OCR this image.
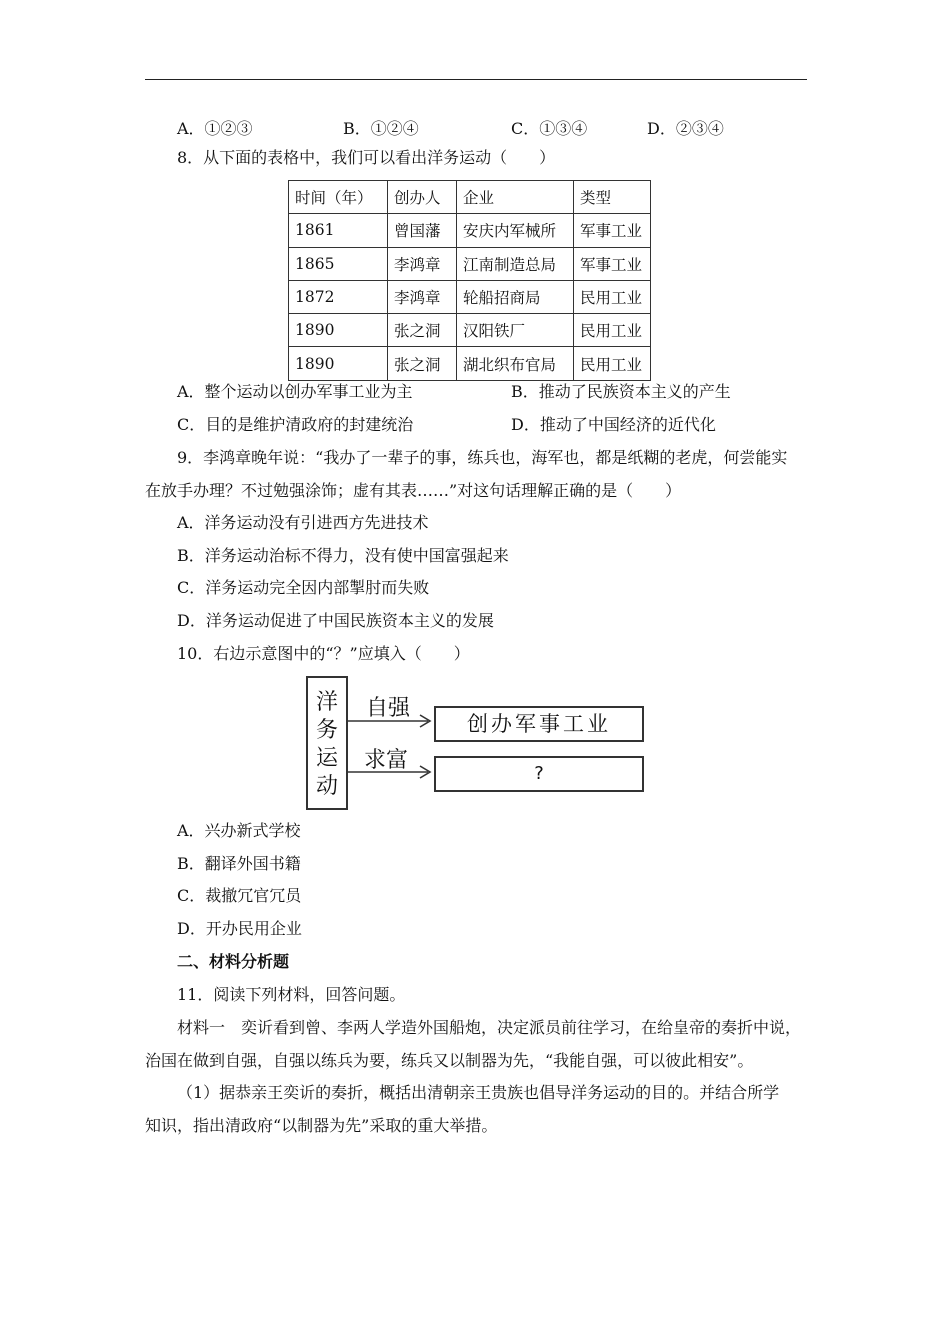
A．①②③	B．①②④	C．①③④	D．②③④
8．从下面的表格中，我们可以看出洋务运动（　　）
时间（年）	创办人	企业	类型
1861	曾国藩	安庆内军械所	军事工业
1865	李鸿章	江南制造总局	军事工业
1872	李鸿章	轮船招商局	民用工业
1890	张之洞	汉阳铁厂	民用工业
1890	张之洞	湖北织布官局	民用工业
A．整个运动以创办军事工业为主	B．推动了民族资本主义的产生
C．目的是维护清政府的封建统治	D．推动了中国经济的近代化
9．李鸿章晚年说：“我办了一辈子的事，练兵也，海军也，都是纸糊的老虎，何尝能实
在放手办理？不过勉强涂饰；虚有其表……”对这句话理解正确的是（　　）
A．洋务运动没有引进西方先进技术
B．洋务运动治标不得力，没有使中国富强起来
C．洋务运动完全因内部掣肘而失败
D．洋务运动促进了中国民族资本主义的发展
10．右边示意图中的“？”应填入（　　）
洋
务
运
动
自强
创办军事工业
求富
?
A．兴办新式学校
B．翻译外国书籍
C．裁撤冗官冗员
D．开办民用企业
二、材料分析题
11．阅读下列材料，回答问题。
材料一　奕䜣看到曾、李两人学造外国船炮，决定派员前往学习，在给皇帝的奏折中说，
治国在做到自强，自强以练兵为要，练兵又以制器为先，“我能自强，可以彼此相安”。
（1）据恭亲王奕䜣的奏折，概括出清朝亲王贵族也倡导洋务运动的目的。并结合所学
知识，指出清政府“以制器为先”采取的重大举措。
